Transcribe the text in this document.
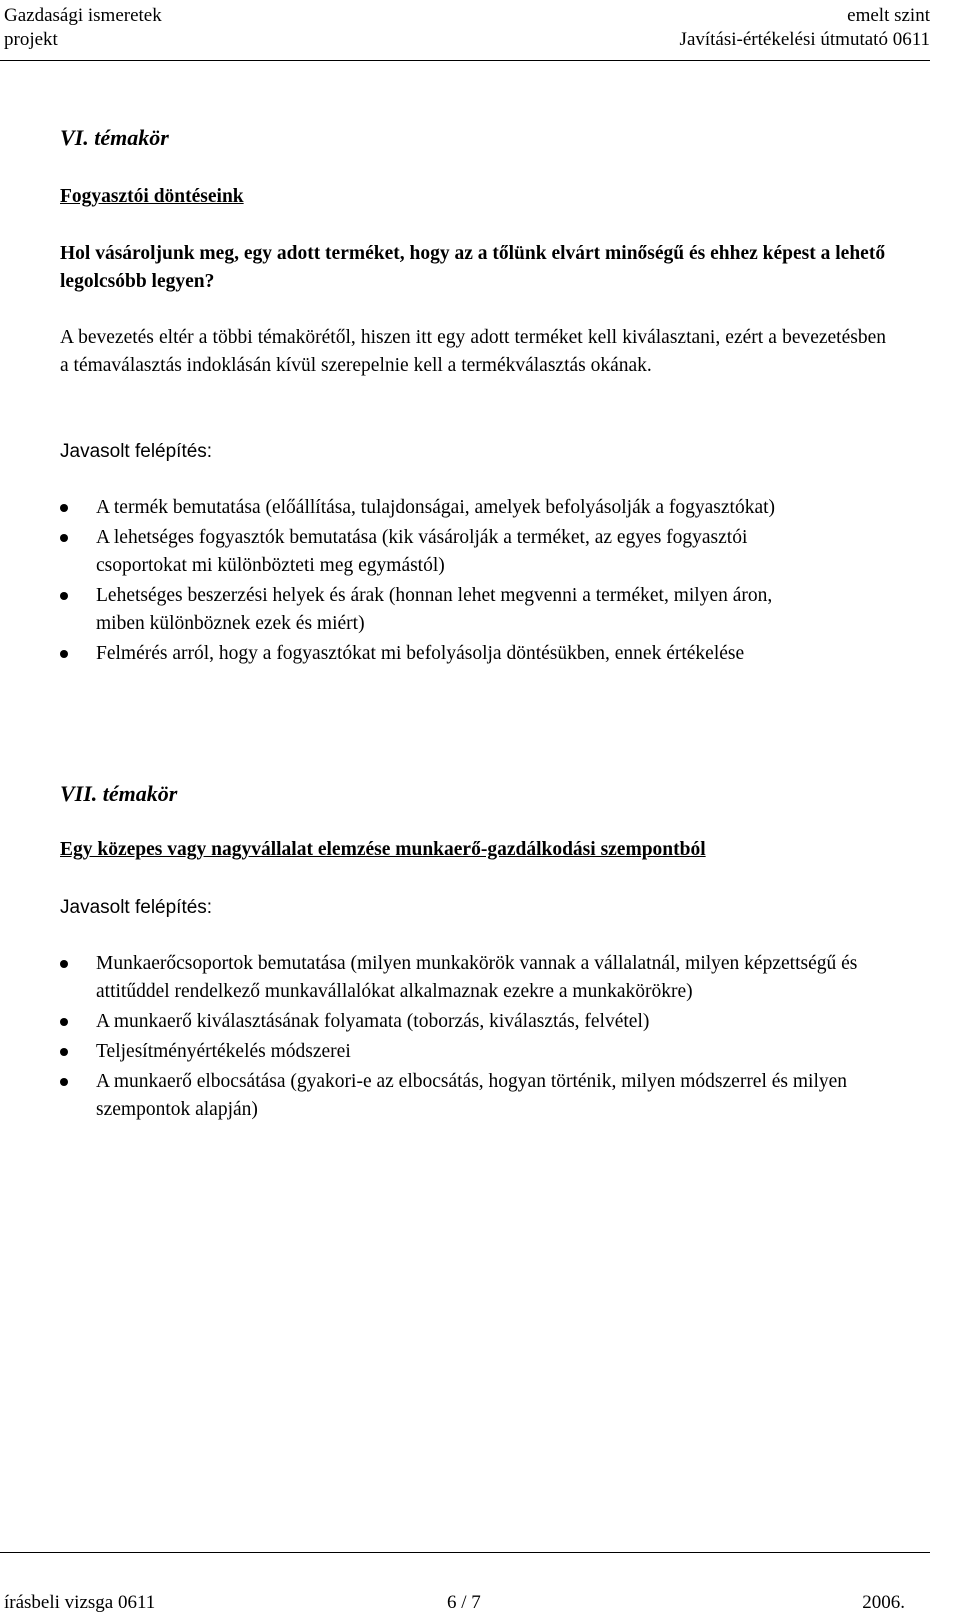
Gazdasági ismeretek	emelt szint
projekt	Javítási-értékelési útmutató 0611
VI. témakör
Fogyasztói döntéseink
Hol vásároljunk meg, egy adott terméket, hogy az a tőlünk elvárt minőségű és ehhez képest a lehető legolcsóbb legyen?
A bevezetés eltér a többi témakörétől, hiszen itt egy adott terméket kell kiválasztani, ezért a bevezetésben a témaválasztás indoklásán kívül szerepelnie kell a termékválasztás okának.
Javasolt felépítés:
A termék bemutatása (előállítása, tulajdonságai, amelyek befolyásolják a fogyasztókat)
A lehetséges fogyasztók bemutatása (kik vásárolják a terméket, az egyes fogyasztói csoportokat mi különbözteti meg egymástól)
Lehetséges beszerzési helyek és árak (honnan lehet megvenni a terméket, milyen áron, miben különböznek ezek és miért)
Felmérés arról, hogy a fogyasztókat mi befolyásolja döntésükben, ennek értékelése
VII. témakör
Egy közepes vagy nagyvállalat elemzése munkaerő-gazdálkodási szempontból
Javasolt felépítés:
Munkaerőcsoportok bemutatása (milyen munkakörök vannak a vállalatnál, milyen képzettségű és attitűddel rendelkező munkavállalókat alkalmaznak ezekre a munkakörökre)
A munkaerő kiválasztásának folyamata (toborzás, kiválasztás, felvétel)
Teljesítményértékelés módszerei
A munkaerő elbocsátása (gyakori-e az elbocsátás, hogyan történik, milyen módszerrel és milyen szempontok alapján)
írásbeli vizsga 0611	6 / 7	2006.
